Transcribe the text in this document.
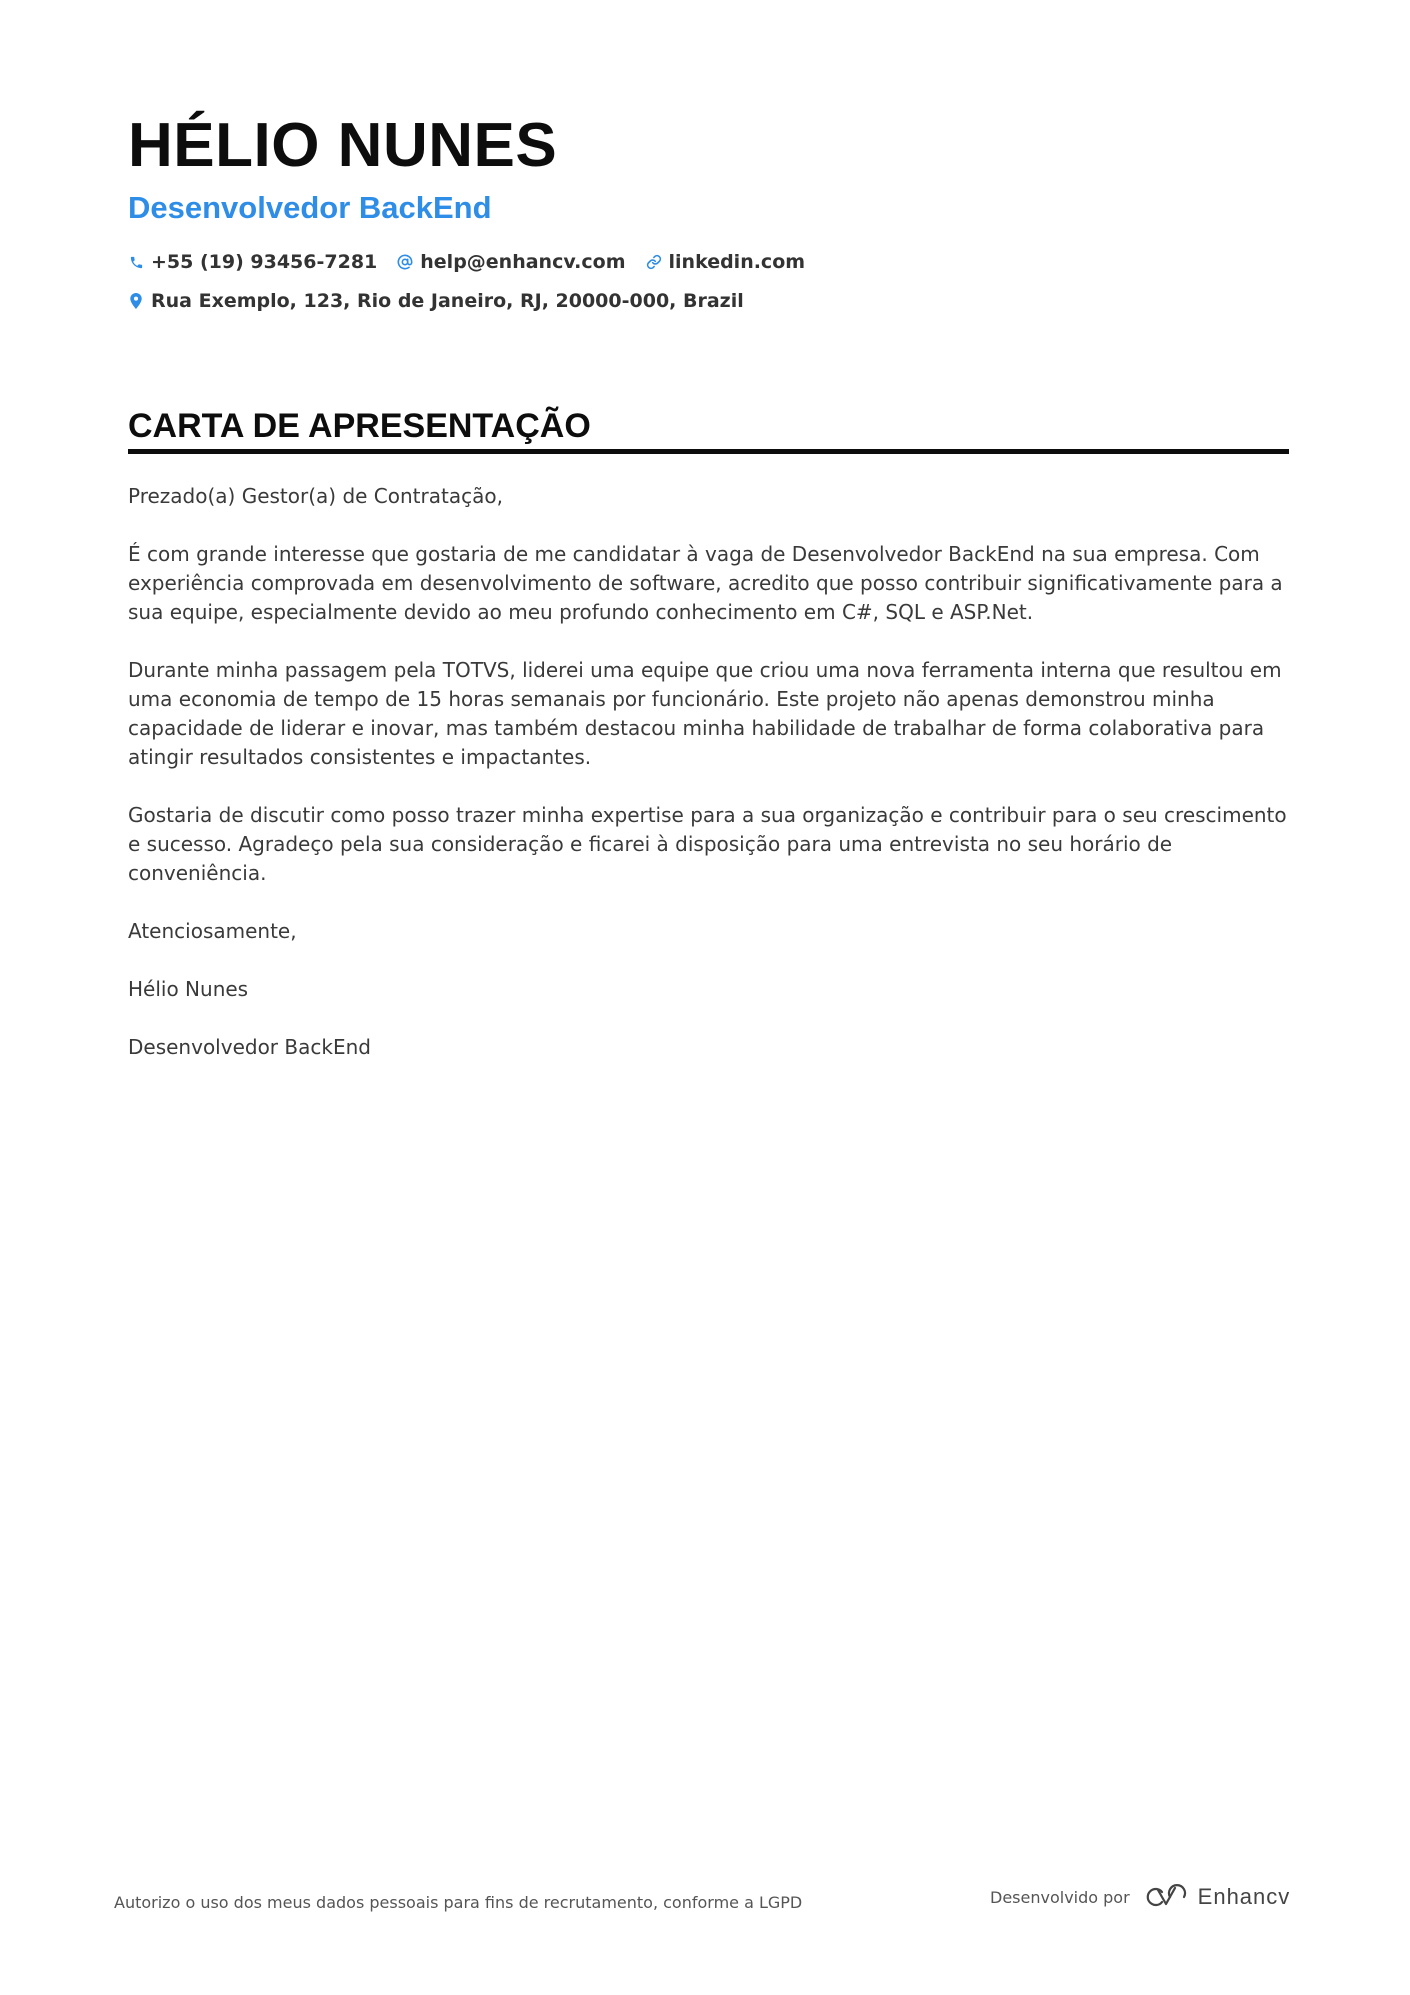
HÉLIO NUNES
Desenvolvedor BackEnd
+55 (19) 93456-7281 help@enhancv.com linkedin.com
Rua Exemplo, 123, Rio de Janeiro, RJ, 20000-000, Brazil
CARTA DE APRESENTAÇÃO

Prezado(a) Gestor(a) de Contratação,

É com grande interesse que gostaria de me candidatar à vaga de Desenvolvedor BackEnd na sua empresa. Com experiência comprovada em desenvolvimento de software, acredito que posso contribuir significativamente para a sua equipe, especialmente devido ao meu profundo conhecimento em C#, SQL e ASP.Net.

Durante minha passagem pela TOTVS, liderei uma equipe que criou uma nova ferramenta interna que resultou em uma economia de tempo de 15 horas semanais por funcionário. Este projeto não apenas demonstrou minha capacidade de liderar e inovar, mas também destacou minha habilidade de trabalhar de forma colaborativa para atingir resultados consistentes e impactantes.

Gostaria de discutir como posso trazer minha expertise para a sua organização e contribuir para o seu crescimento e sucesso. Agradeço pela sua consideração e ficarei à disposição para uma entrevista no seu horário de conveniência.

Atenciosamente,

Hélio Nunes

Desenvolvedor BackEnd

Autorizo o uso dos meus dados pessoais para fins de recrutamento, conforme a LGPD	Desenvolvido por	Enhancv
